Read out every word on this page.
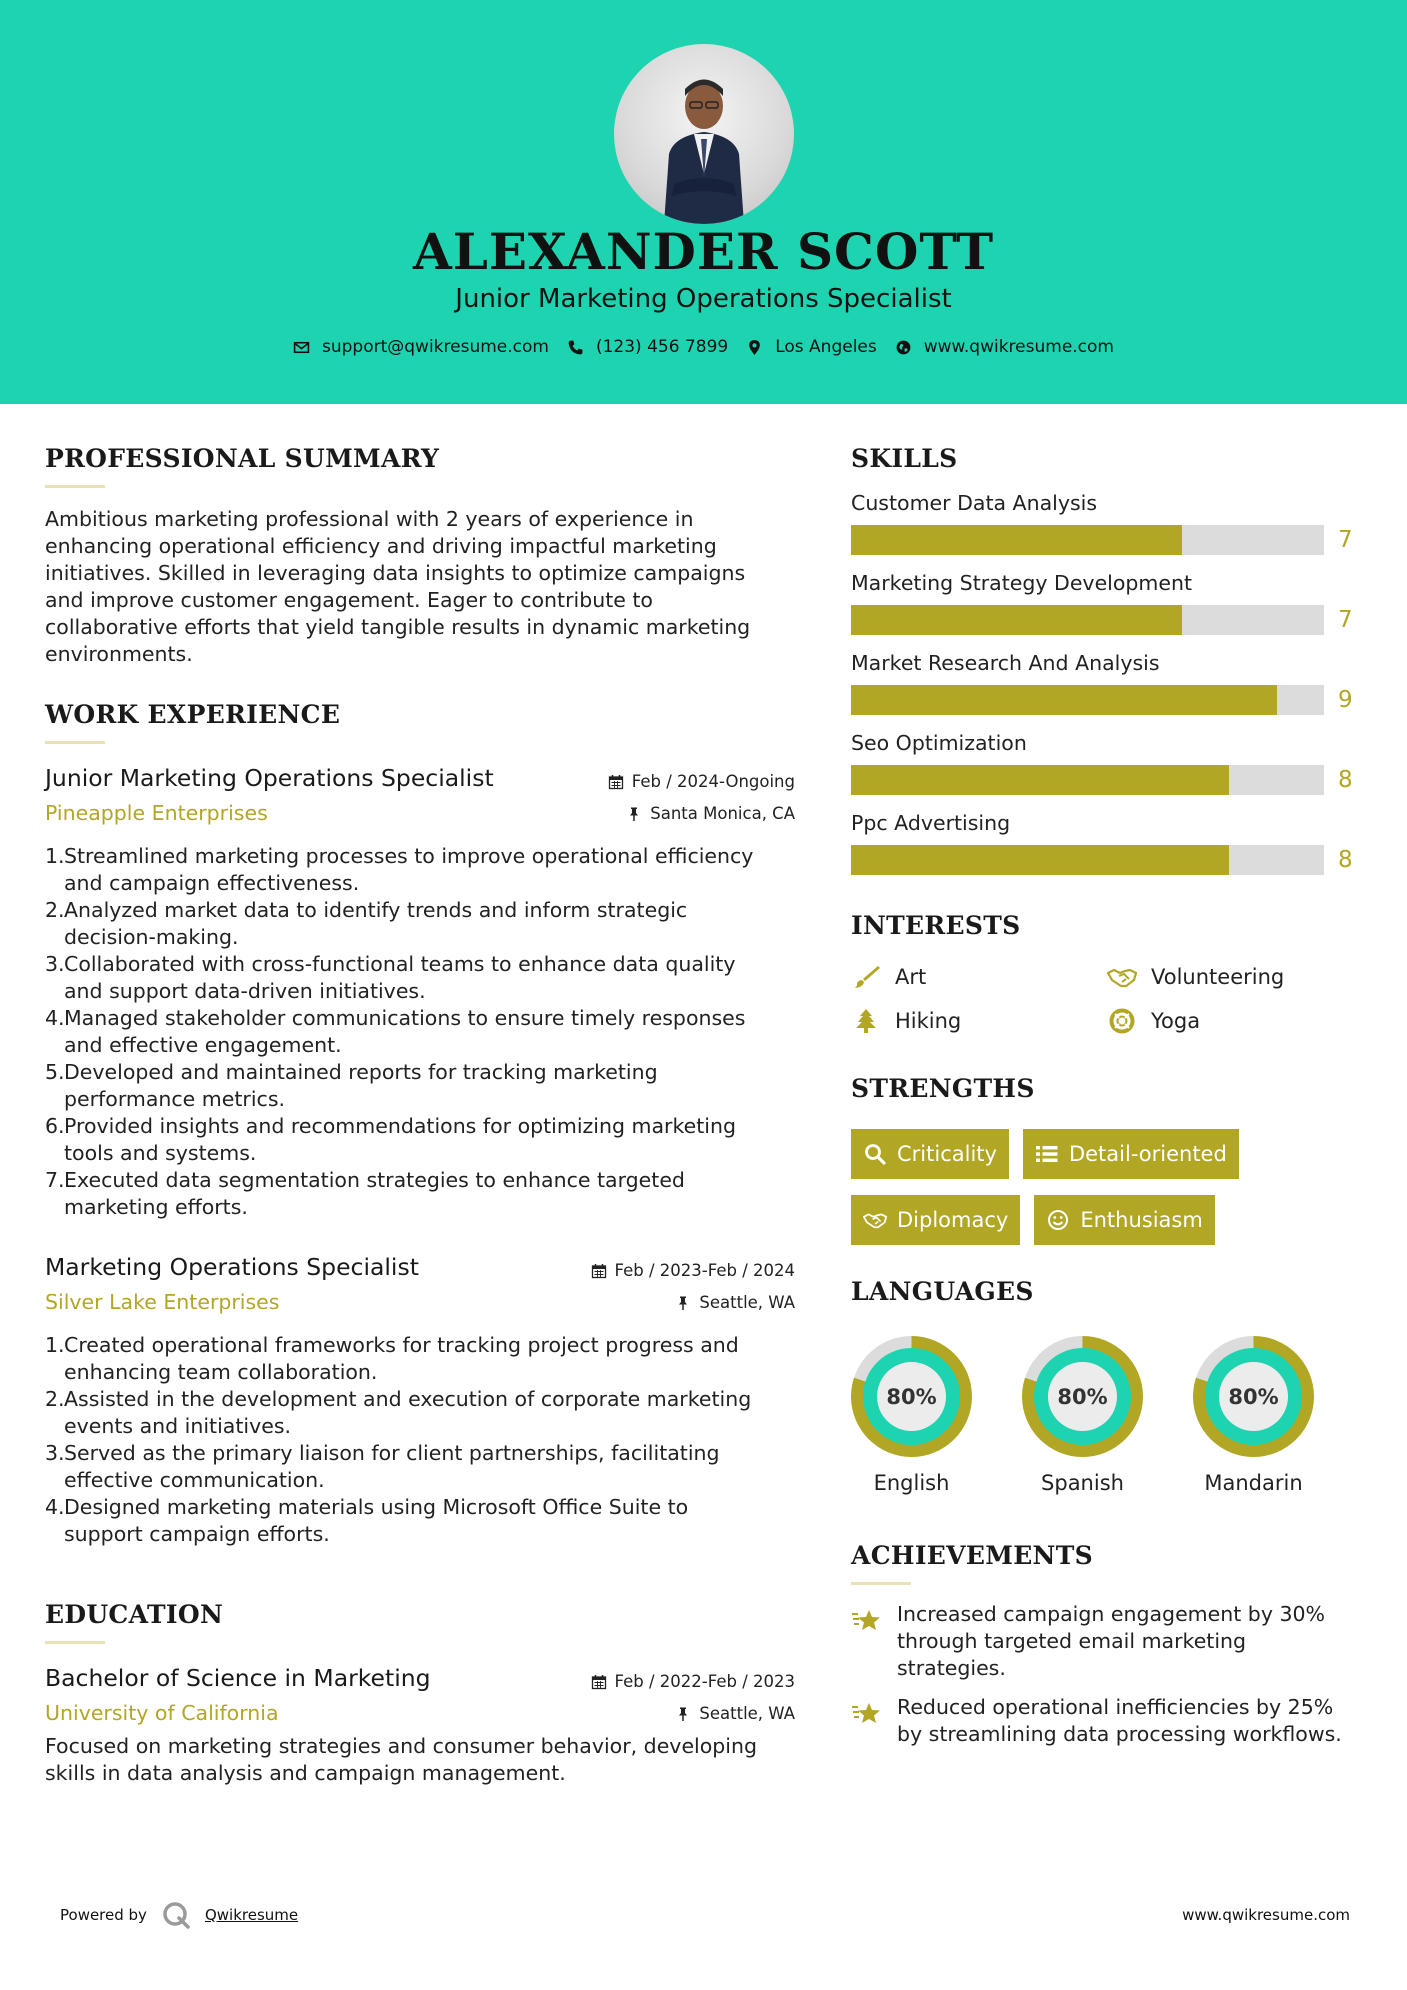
ALEXANDER SCOTT
Junior Marketing Operations Specialist
support@qwikresume.com	(123) 456 7899	Los Angeles	www.qwikresume.com
PROFESSIONAL SUMMARY
Ambitious marketing professional with 2 years of experience in
enhancing operational efficiency and driving impactful marketing
initiatives. Skilled in leveraging data insights to optimize campaigns
and improve customer engagement. Eager to contribute to
collaborative efforts that yield tangible results in dynamic marketing
environments.
WORK EXPERIENCE
Junior Marketing Operations Specialist	Feb / 2024-Ongoing
Pineapple Enterprises	Santa Monica, CA
1. Streamlined marketing processes to improve operational efficiency
and campaign effectiveness.
2. Analyzed market data to identify trends and inform strategic
decision-making.
3. Collaborated with cross-functional teams to enhance data quality
and support data-driven initiatives.
4. Managed stakeholder communications to ensure timely responses
and effective engagement.
5. Developed and maintained reports for tracking marketing
performance metrics.
6. Provided insights and recommendations for optimizing marketing
tools and systems.
7. Executed data segmentation strategies to enhance targeted
marketing efforts.
Marketing Operations Specialist	Feb / 2023-Feb / 2024
Silver Lake Enterprises	Seattle, WA
1. Created operational frameworks for tracking project progress and
enhancing team collaboration.
2. Assisted in the development and execution of corporate marketing
events and initiatives.
3. Served as the primary liaison for client partnerships, facilitating
effective communication.
4. Designed marketing materials using Microsoft Office Suite to
support campaign efforts.
EDUCATION
Bachelor of Science in Marketing	Feb / 2022-Feb / 2023
University of California	Seattle, WA
Focused on marketing strategies and consumer behavior, developing
skills in data analysis and campaign management.
SKILLS
Customer Data Analysis
7
Marketing Strategy Development
7
Market Research And Analysis
9
Seo Optimization
8
Ppc Advertising
8
INTERESTS
Art	Volunteering
Hiking	Yoga
STRENGTHS
Criticality	Detail-oriented
Diplomacy	Enthusiasm
LANGUAGES
80%
English
80%
Spanish
80%
Mandarin
ACHIEVEMENTS
Increased campaign engagement by 30%
through targeted email marketing
strategies.
Reduced operational inefficiencies by 25%
by streamlining data processing workflows.
Powered by	Qwikresume	www.qwikresume.com
